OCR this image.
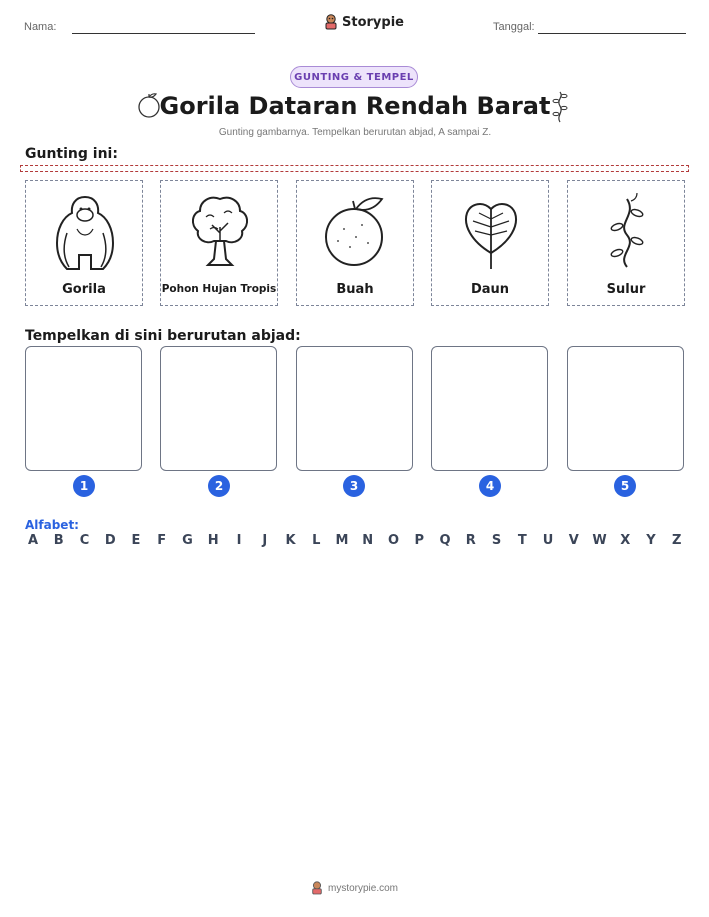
Nama:	Storypie	Tanggal:
GUNTING & TEMPEL
Gorila Dataran Rendah Barat
Gunting gambarnya. Tempelkan berurutan abjad, A sampai Z.
Gunting ini:
Gorila	Pohon Hujan Tropis	Buah	Daun	Sulur
Tempelkan di sini berurutan abjad:
1	2	3	4	5
Alfabet:
A B C D E F G H	I	J	K L M N O P Q R S T U V W X Y Z
mystorypie.com
